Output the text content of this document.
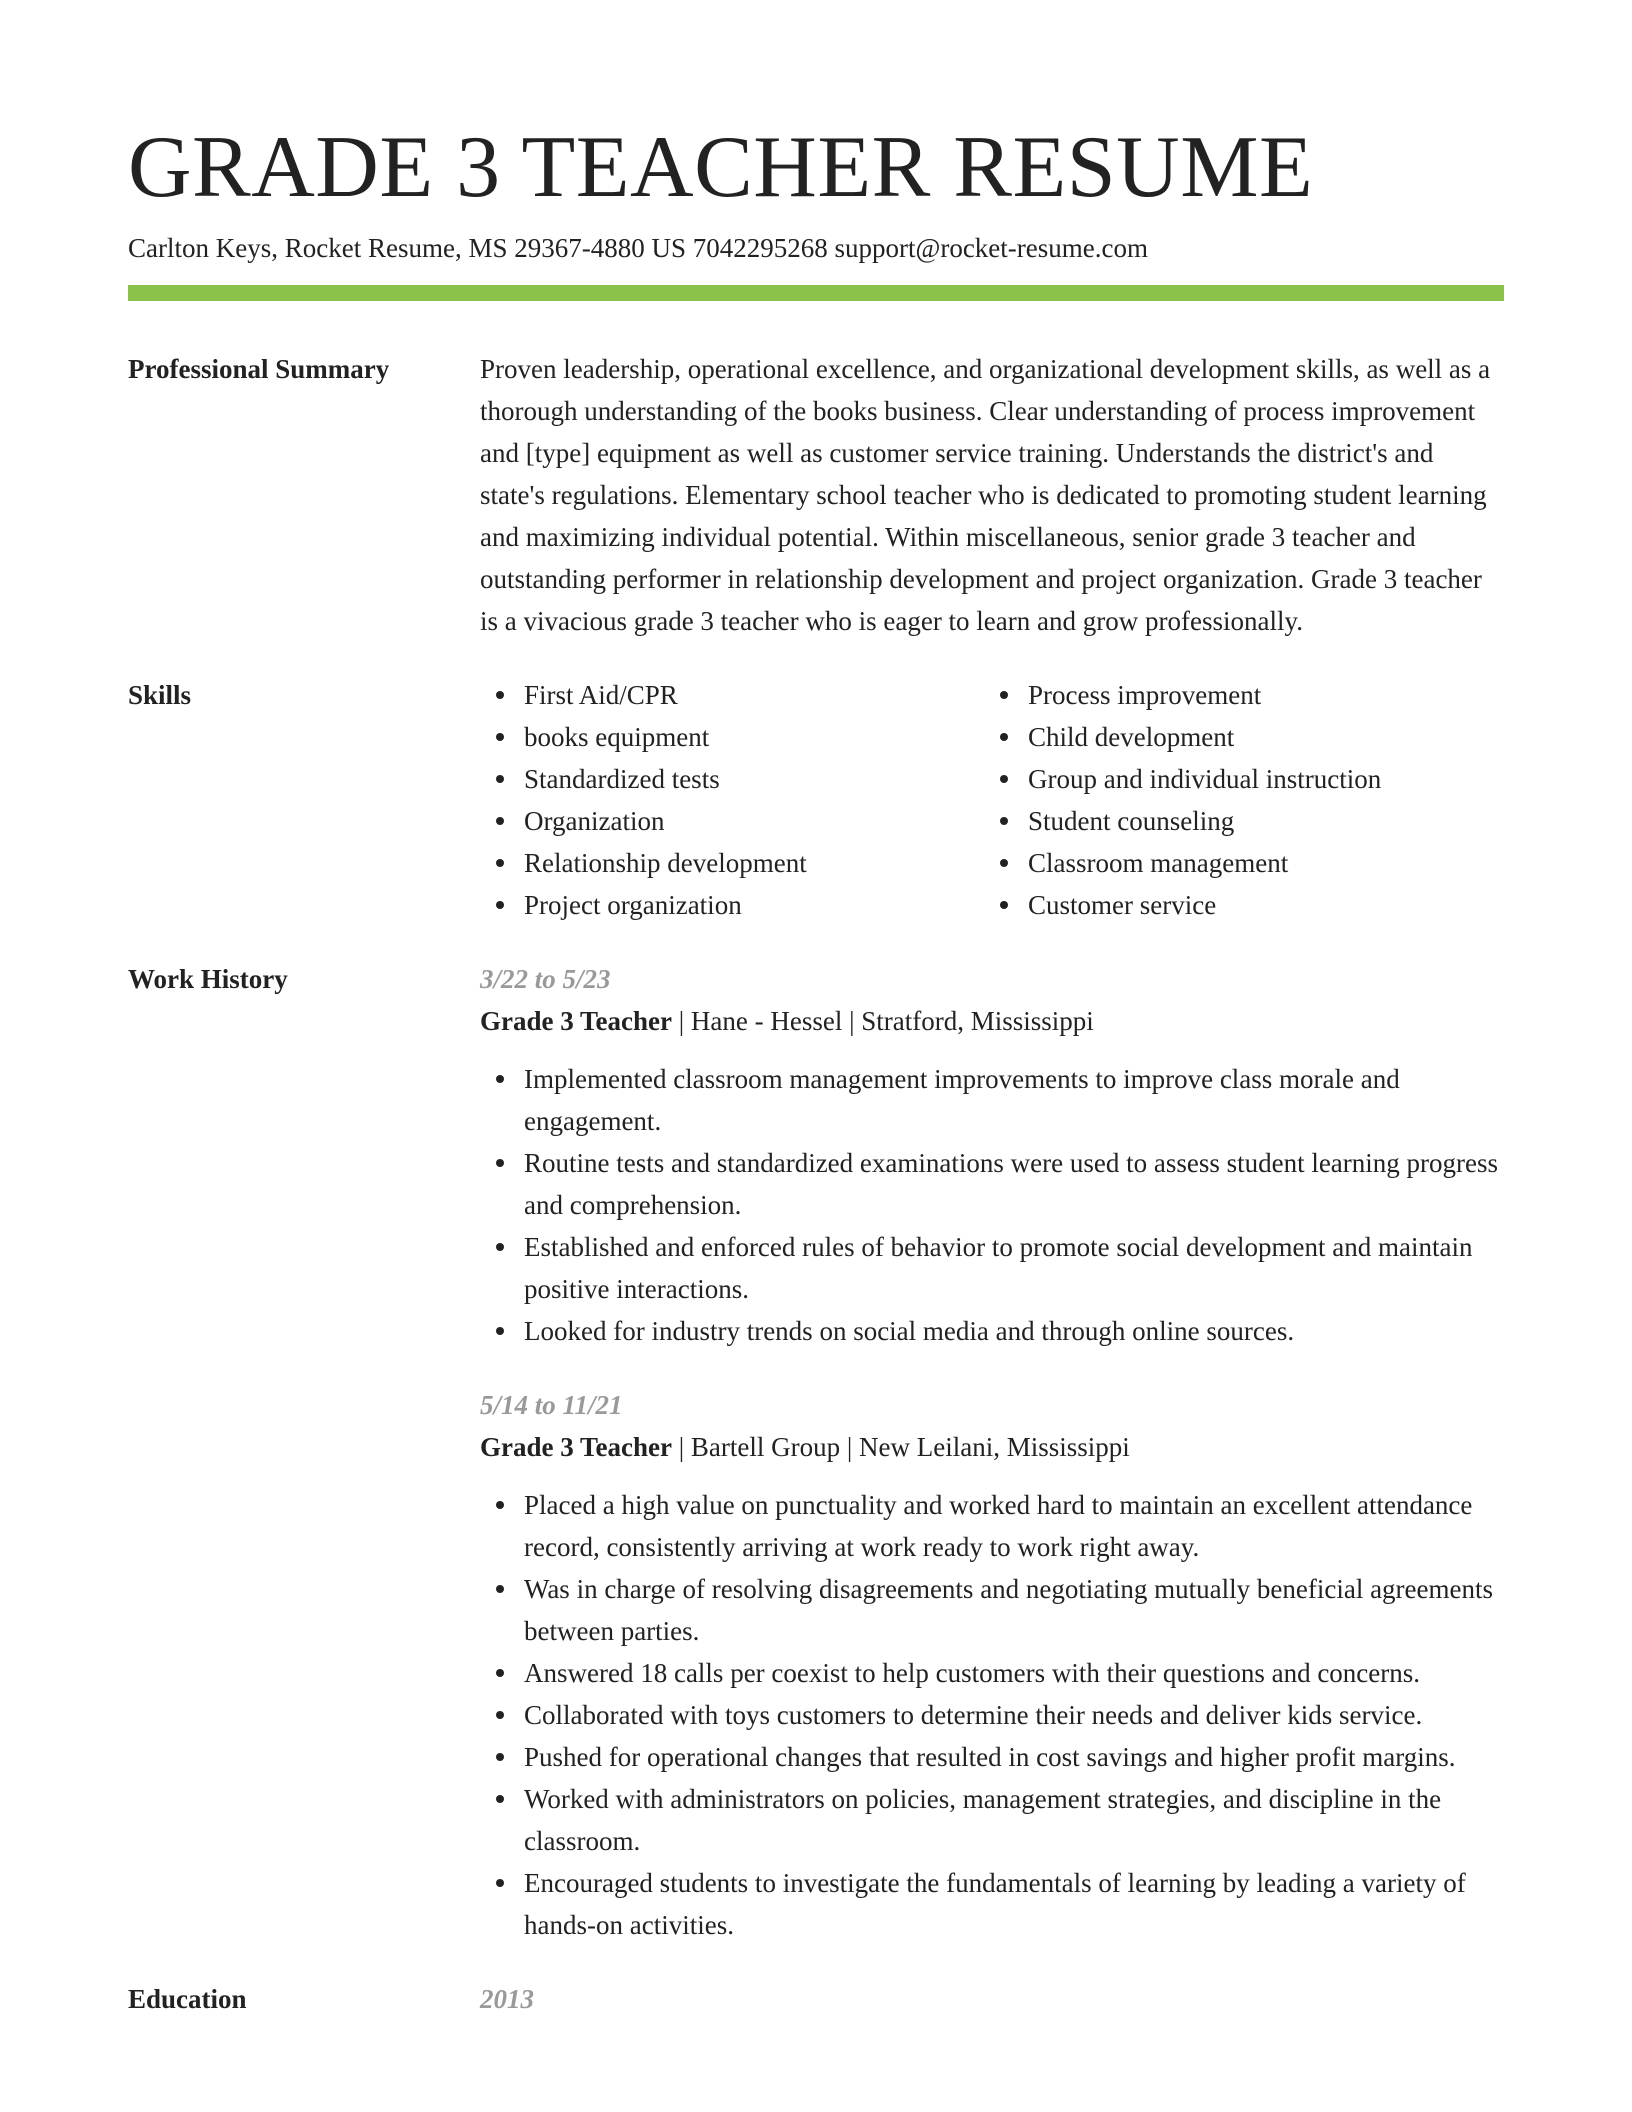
GRADE 3 TEACHER RESUME
Carlton Keys, Rocket Resume, MS 29367-4880 US 7042295268 support@rocket-resume.com
Professional Summary	Proven leadership, operational excellence, and organizational development skills, as well as a thorough understanding of the books business. Clear understanding of process improvement and [type] equipment as well as customer service training. Understands the district's and state's regulations. Elementary school teacher who is dedicated to promoting student learning and maximizing individual potential. Within miscellaneous, senior grade 3 teacher and outstanding performer in relationship development and project organization. Grade 3 teacher is a vivacious grade 3 teacher who is eager to learn and grow professionally.

Skills	First Aid/CPR
books equipment
Standardized tests
Organization
Relationship development
Project organization
Process improvement
Child development
Group and individual instruction
Student counseling
Classroom management
Customer service
Work History	3/22 to 5/23
Grade 3 Teacher | Hane - Hessel | Stratford, Mississippi
Implemented classroom management improvements to improve class morale and engagement.
Routine tests and standardized examinations were used to assess student learning progress and comprehension.
Established and enforced rules of behavior to promote social development and maintain positive interactions.
Looked for industry trends on social media and through online sources.
5/14 to 11/21
Grade 3 Teacher | Bartell Group | New Leilani, Mississippi
Placed a high value on punctuality and worked hard to maintain an excellent attendance record, consistently arriving at work ready to work right away.
Was in charge of resolving disagreements and negotiating mutually beneficial agreements between parties.
Answered 18 calls per coexist to help customers with their questions and concerns.
Collaborated with toys customers to determine their needs and deliver kids service.
Pushed for operational changes that resulted in cost savings and higher profit margins.
Worked with administrators on policies, management strategies, and discipline in the classroom.
Encouraged students to investigate the fundamentals of learning by leading a variety of hands-on activities.
Education	2013
